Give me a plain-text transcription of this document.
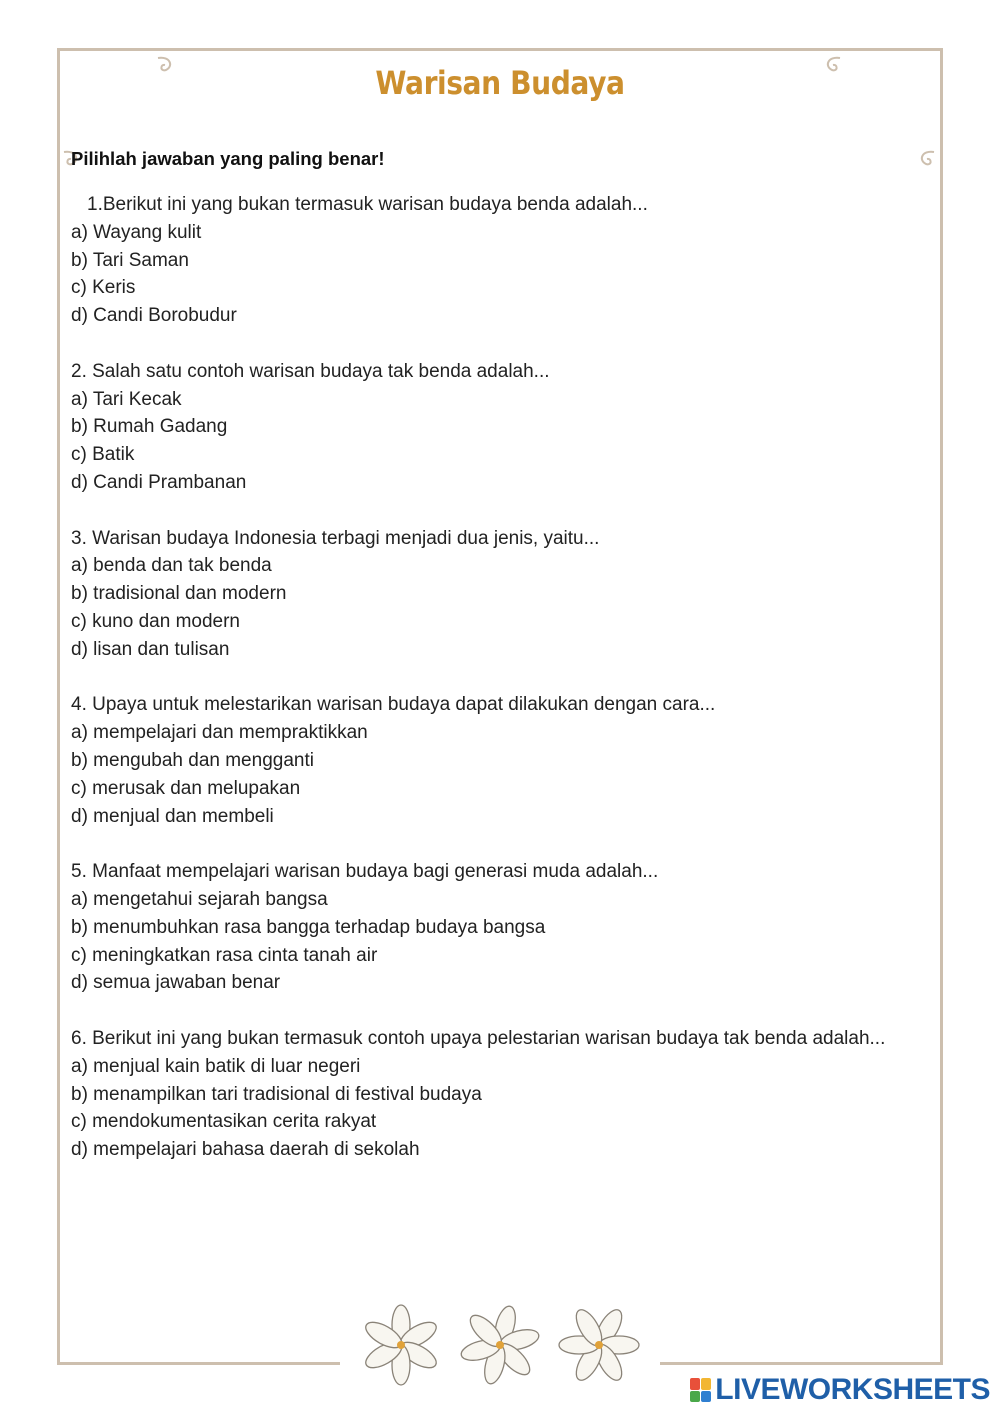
Warisan Budaya
Pilihlah jawaban yang paling benar!
1.Berikut ini yang bukan termasuk warisan budaya benda adalah...
a) Wayang kulit
b) Tari Saman
c) Keris
d) Candi Borobudur
2. Salah satu contoh warisan budaya tak benda adalah...
a) Tari Kecak
b) Rumah Gadang
c) Batik
d) Candi Prambanan
3. Warisan budaya Indonesia terbagi menjadi dua jenis, yaitu...
a) benda dan tak benda
b) tradisional dan modern
c) kuno dan modern
d) lisan dan tulisan
4. Upaya untuk melestarikan warisan budaya dapat dilakukan dengan cara...
a) mempelajari dan mempraktikkan
b) mengubah dan mengganti
c) merusak dan melupakan
d) menjual dan membeli
5. Manfaat mempelajari warisan budaya bagi generasi muda adalah...
a) mengetahui sejarah bangsa
b) menumbuhkan rasa bangga terhadap budaya bangsa
c) meningkatkan rasa cinta tanah air
d) semua jawaban benar
6. Berikut ini yang bukan termasuk contoh upaya pelestarian warisan budaya tak benda adalah...
a) menjual kain batik di luar negeri
b) menampilkan tari tradisional di festival budaya
c) mendokumentasikan cerita rakyat
d) mempelajari bahasa daerah di sekolah
LIVEWORKSHEETS
